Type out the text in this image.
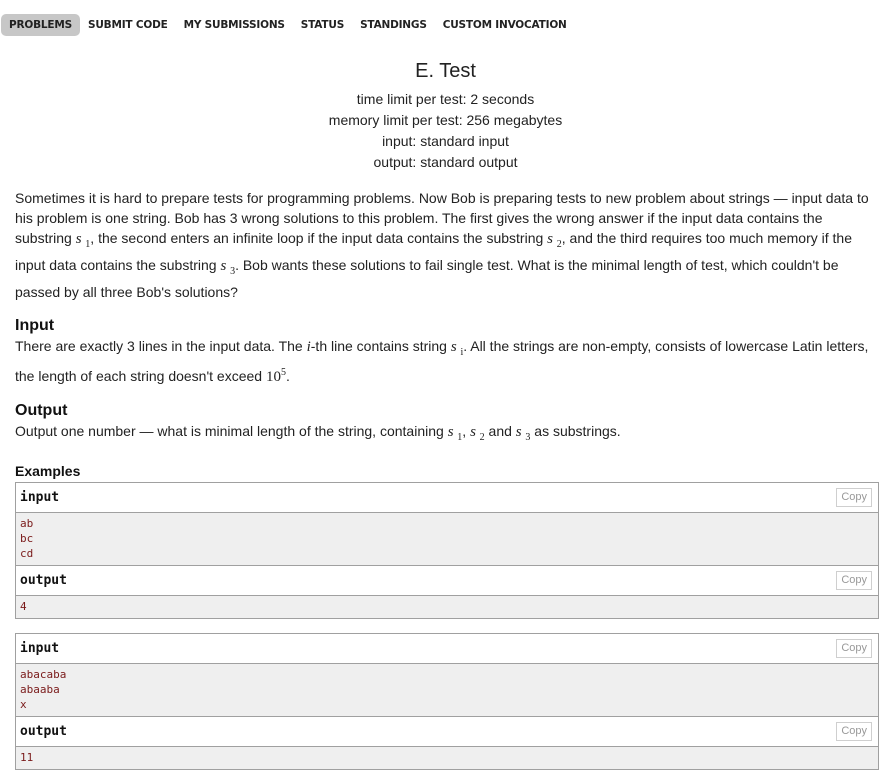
PROBLEMS	SUBMIT CODE	MY SUBMISSIONS	STATUS	STANDINGS	CUSTOM INVOCATION
E. Test
time limit per test: 2 seconds
memory limit per test: 256 megabytes
input: standard input
output: standard output

Sometimes it is hard to prepare tests for programming problems. Now Bob is preparing tests to new problem about strings — input data to his problem is one string. Bob has 3 wrong solutions to this problem. The first gives the wrong answer if the input data contains the substring s $_1$, the second enters an infinite loop if the input data contains the substring s $_2$, and the third requires too much memory if the input data contains the substring s $_3$. Bob wants these solutions to fail single test. What is the minimal length of test, which couldn't be passed by all three Bob's solutions?

Input

There are exactly 3 lines in the input data. The i-th line contains string s $_i$. All the strings are non-empty, consists of lowercase Latin letters, the length of each string doesn't exceed $10^5$.

Output

Output one number — what is minimal length of the string, containing s $_1$, s $_2$ and s $_3$ as substrings.

Examples
input	Copy
ab
bc
cd
output	Copy
4
input	Copy
abacaba
abaaba
x
output	Copy
11
